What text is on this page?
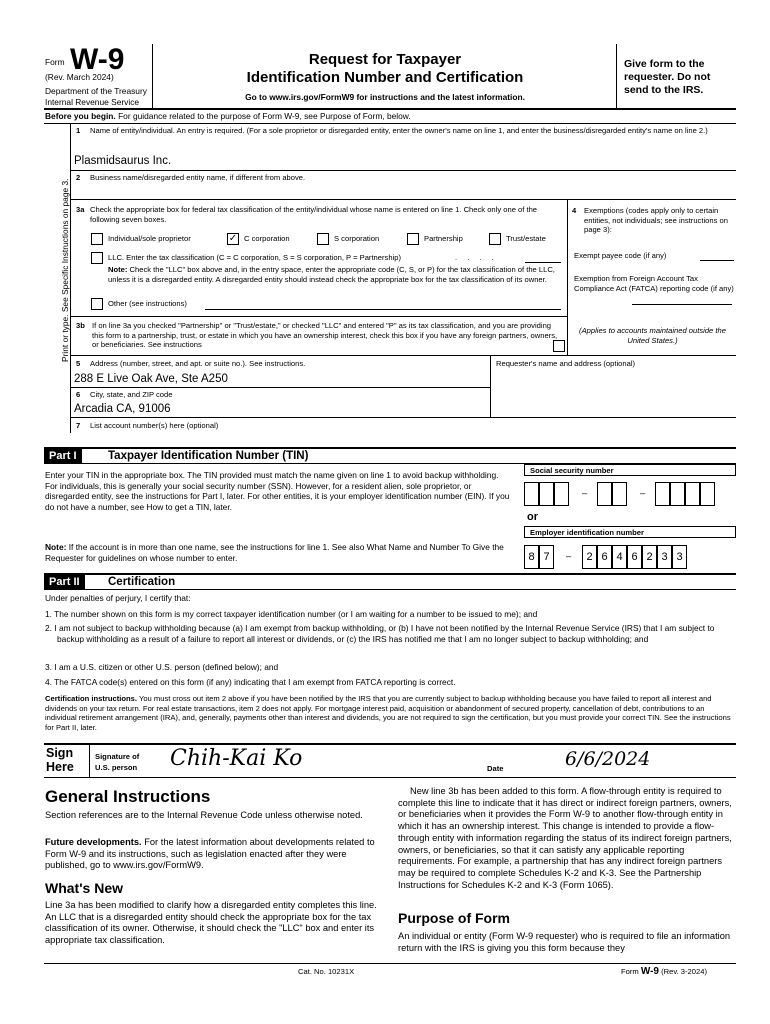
Form W-9
(Rev. March 2024)
Department of the Treasury
Internal Revenue Service
Request for Taxpayer
Identification Number and Certification
Go to www.irs.gov/FormW9 for instructions and the latest information.
Give form to the requester. Do not send to the IRS.
Before you begin. For guidance related to the purpose of Form W-9, see Purpose of Form, below.
Print or type. See Specific Instructions on page 3.
1 Name of entity/individual. An entry is required. (For a sole proprietor or disregarded entity, enter the owner's name on line 1, and enter the business/disregarded entity's name on line 2.)
Plasmidsaurus Inc.
2 Business name/disregarded entity name, if different from above.
3a Check the appropriate box for federal tax classification of the entity/individual whose name is entered on line 1. Check only one of the following seven boxes.
Individual/sole proprietor	✓ C corporation	S corporation	Partnership	Trust/estate
LLC. Enter the tax classification (C = C corporation, S = S corporation, P = Partnership)	. . . .
Note: Check the "LLC" box above and, in the entry space, enter the appropriate code (C, S, or P) for the tax classification of the LLC, unless it is a disregarded entity. A disregarded entity should instead check the appropriate box for the tax classification of its owner.
Other (see instructions)
3b If on line 3a you checked "Partnership" or "Trust/estate," or checked "LLC" and entered "P" as its tax classification, and you are providing this form to a partnership, trust, or estate in which you have an ownership interest, check this box if you have any foreign partners, owners, or beneficiaries. See instructions
4 Exemptions (codes apply only to certain entities, not individuals; see instructions on page 3):
Exempt payee code (if any)
Exemption from Foreign Account Tax Compliance Act (FATCA) reporting code (if any)
(Applies to accounts maintained outside the United States.)
5 Address (number, street, and apt. or suite no.). See instructions.
288 E Live Oak Ave, Ste A250
Requester's name and address (optional)
6 City, state, and ZIP code
Arcadia CA, 91006
7 List account number(s) here (optional)
Part I	Taxpayer Identification Number (TIN)
Enter your TIN in the appropriate box. The TIN provided must match the name given on line 1 to avoid backup withholding. For individuals, this is generally your social security number (SSN). However, for a resident alien, sole proprietor, or disregarded entity, see the instructions for Part I, later. For other entities, it is your employer identification number (EIN). If you do not have a number, see How to get a TIN, later.
Note: If the account is in more than one name, see the instructions for line 1. See also What Name and Number To Give the Requester for guidelines on whose number to enter.
Social security number
–	–
or
Employer identification number
8 7	–	2 6 4 6 2 3 3
Part II	Certification
Under penalties of perjury, I certify that:
1. The number shown on this form is my correct taxpayer identification number (or I am waiting for a number to be issued to me); and
2. I am not subject to backup withholding because (a) I am exempt from backup withholding, or (b) I have not been notified by the Internal Revenue Service (IRS) that I am subject to backup withholding as a result of a failure to report all interest or dividends, or (c) the IRS has notified me that I am no longer subject to backup withholding; and
3. I am a U.S. citizen or other U.S. person (defined below); and
4. The FATCA code(s) entered on this form (if any) indicating that I am exempt from FATCA reporting is correct.
Certification instructions. You must cross out item 2 above if you have been notified by the IRS that you are currently subject to backup withholding because you have failed to report all interest and dividends on your tax return. For real estate transactions, item 2 does not apply. For mortgage interest paid, acquisition or abandonment of secured property, cancellation of debt, contributions to an individual retirement arrangement (IRA), and, generally, payments other than interest and dividends, you are not required to sign the certification, but you must provide your correct TIN. See the instructions for Part II, later.
Sign
Here
Signature of
U.S. person Chih-Kai Ko	Date	6/6/2024
General Instructions
Section references are to the Internal Revenue Code unless otherwise noted.
Future developments. For the latest information about developments related to Form W-9 and its instructions, such as legislation enacted after they were published, go to www.irs.gov/FormW9.
What's New
Line 3a has been modified to clarify how a disregarded entity completes this line. An LLC that is a disregarded entity should check the appropriate box for the tax classification of its owner. Otherwise, it should check the "LLC" box and enter its appropriate tax classification.
New line 3b has been added to this form. A flow-through entity is required to complete this line to indicate that it has direct or indirect foreign partners, owners, or beneficiaries when it provides the Form W-9 to another flow-through entity in which it has an ownership interest. This change is intended to provide a flow-through entity with information regarding the status of its indirect foreign partners, owners, or beneficiaries, so that it can satisfy any applicable reporting requirements. For example, a partnership that has any indirect foreign partners may be required to complete Schedules K-2 and K-3. See the Partnership Instructions for Schedules K-2 and K-3 (Form 1065).
Purpose of Form
An individual or entity (Form W-9 requester) who is required to file an information return with the IRS is giving you this form because they
Cat. No. 10231X	Form W-9 (Rev. 3-2024)
